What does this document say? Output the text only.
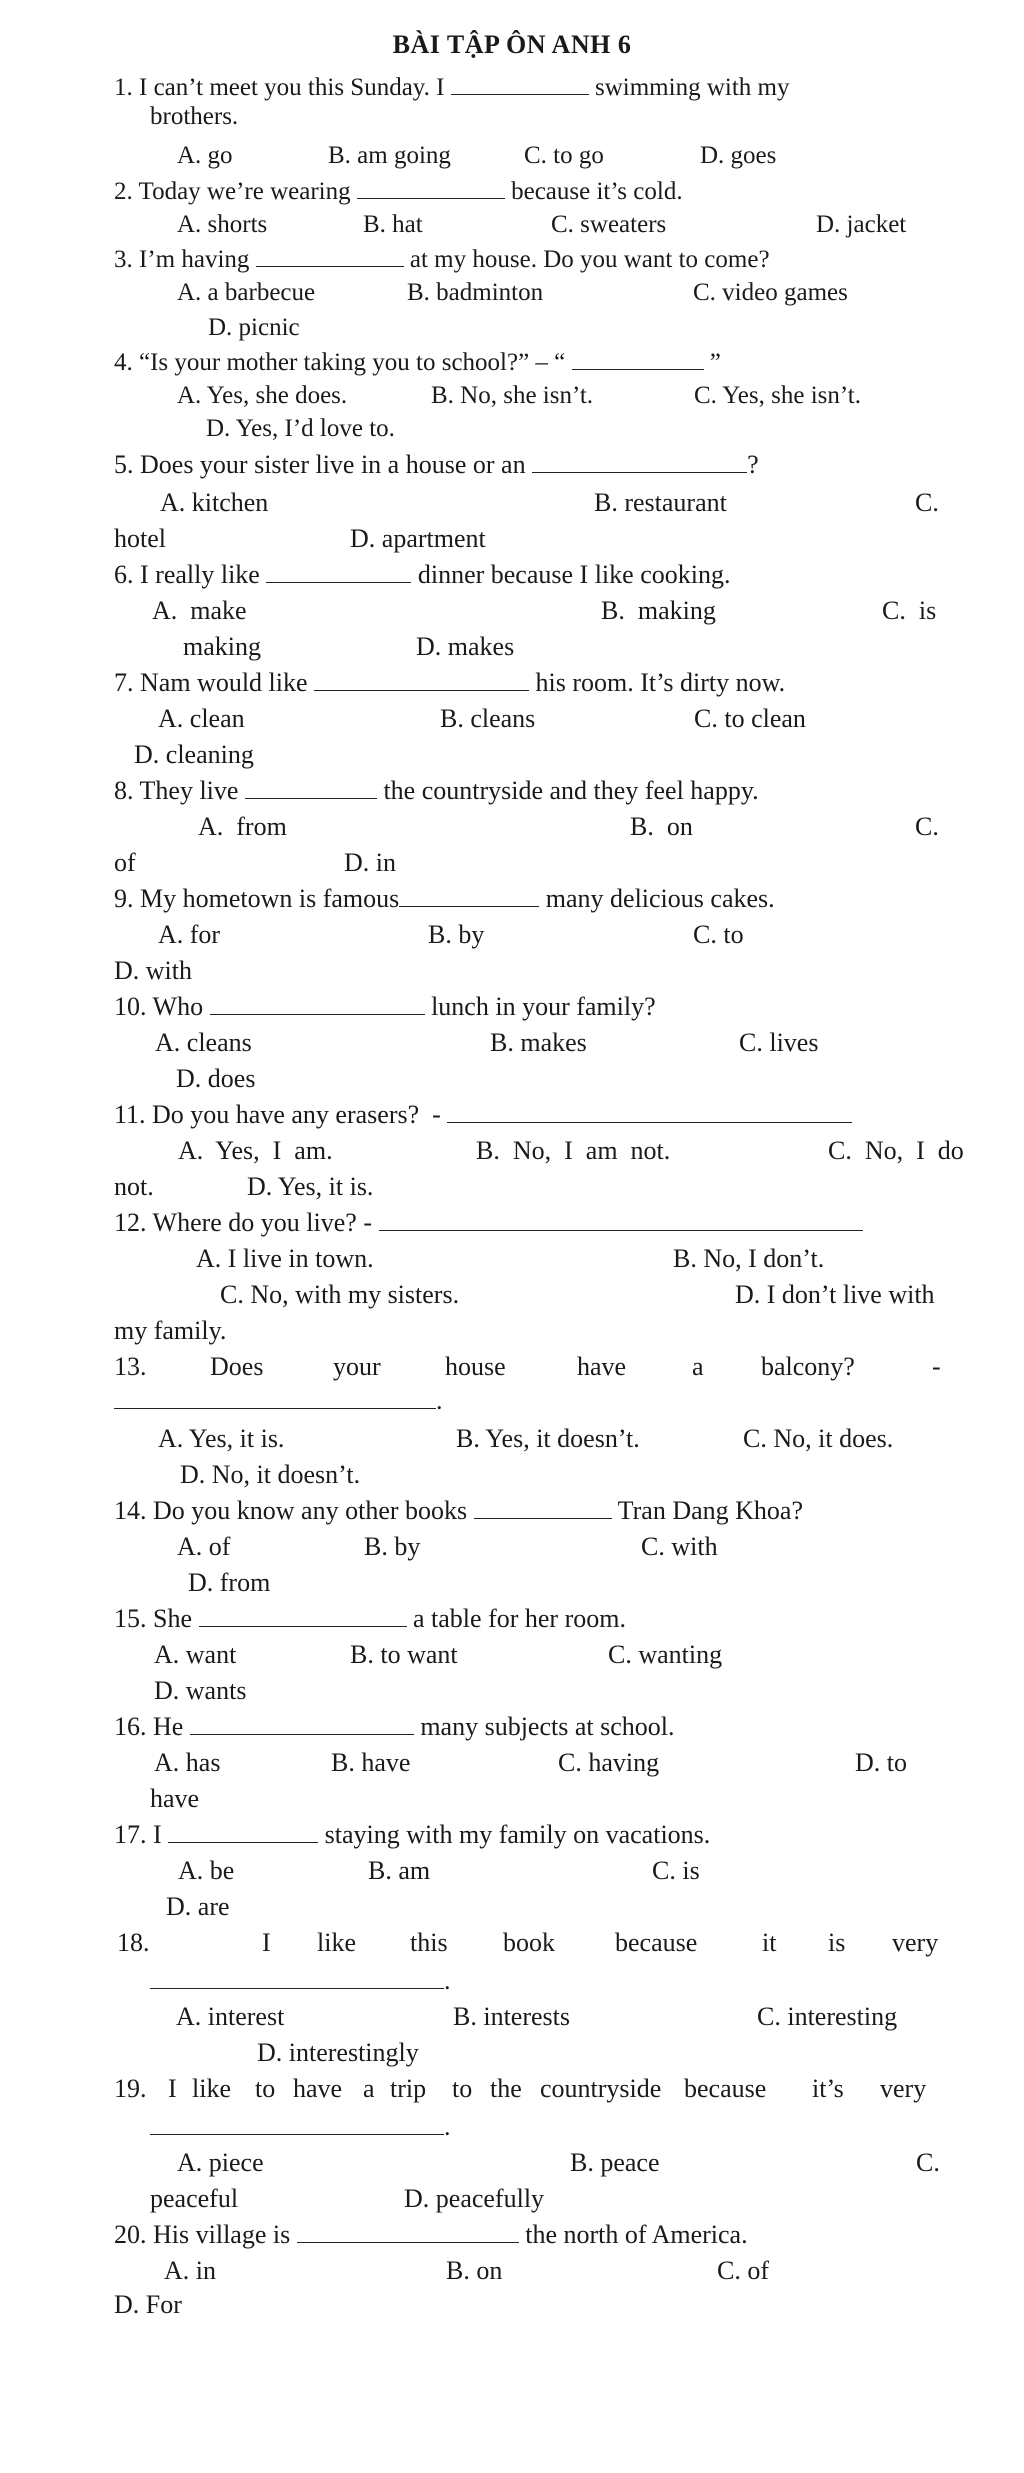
BÀI TẬP ÔN ANH 6
1. I can’t meet you this Sunday. I	swimming with my
brothers.
A. go	B. am going	C. to go	D. goes
2. Today we’re wearing	because it’s cold.
A. shorts	B. hat	C. sweaters	D. jacket
3. I’m having	at my house. Do you want to come?
A. a barbecue	B. badminton	C. video games
D. picnic
4. “Is your mother taking you to school?” – “	”
A. Yes, she does.	B. No, she isn’t.	C. Yes, she isn’t.
D. Yes, I’d love to.
5. Does your sister live in a house or an	?
A. kitchen	B. restaurant	C.
hotel	D. apartment
6. I really like	dinner because I like cooking.
A.  make	B.  making	C.  is
making	D. makes
7. Nam would like	his room. It’s dirty now.
A. clean	B. cleans	C. to clean
D. cleaning
8. They live	the countryside and they feel happy.
A.  from	B.  on	C.
of	D. in
9. My hometown is famous	many delicious cakes.
A. for	B. by	C. to
D. with
10. Who	lunch in your family?
A. cleans	B. makes	C. lives
D. does
11. Do you have any erasers?  -
A.  Yes,  I  am.	B.  No,  I  am  not.	C.  No,  I  do
not.	D. Yes, it is.
12. Where do you live? -
A. I live in town.	B. No, I don’t.
C. No, with my sisters.	D. I don’t live with
my family.
13. Does	your house	have	a balcony?	-
.
A. Yes, it is.	B. Yes, it doesn’t.	C. No, it does.
D. No, it doesn’t.
14. Do you know any other books	Tran Dang Khoa?
A. of	B. by	C. with
D. from
15. She	a table for her room.
A. want	B. to want	C. wanting
D. wants
16. He	many subjects at school.
A. has	B. have	C. having	D. to
have
17. I	staying with my family on vacations.
A. be	B. am	C. is
D. are
18.	I like this book because it is very
.
A. interest	B. interests	C. interesting
D. interestingly
19. I like to have a trip to the countryside because it’s very
.
A. piece	B. peace	C.
peaceful	D. peacefully
20. His village is	the north of America.
A. in	B. on	C. of
D. For
